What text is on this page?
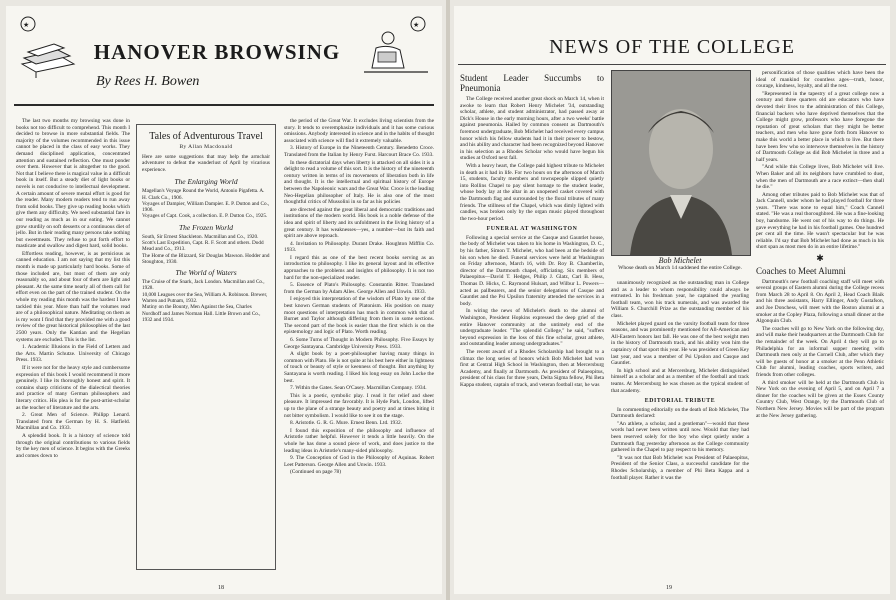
★	★
HANOVER BROWSING
By Rees H. Bowen

The last two months my browsing was done in books not too difficult to comprehend. This month I decided to browse in more substantial fields. The majority of the volumes recommended in this issue cannot be placed in the class of easy works. They demand disciplined application, concentrated attention and sustained reflection. One must ponder over them. However that is altogether to the good. Not that I believe there is magical value in a difficult book in itself. But a steady diet of light books or novels is not conducive to intellectual development. A certain amount of severe mental effort is good for the reader. Many modern readers tend to run away from solid books. They give up reading books which give them any difficulty. We need substantial fare in our reading as much as in our eating. We cannot grow sturdily on soft desserts or a continuous diet of jello. But in their reading many persons take nothing but sweetmeats. They refuse to put forth effort to masticate and swallow and digest hard, solid books.

Effortless reading, however, is as pernicious as canned education. I am not saying that my list this month is made up particularly hard books. Some of those included are, but most of them are only reasonably so, and about four of them are light and pleasant. At the same time nearly all of them call for effort even on the part of the trained student. On the whole my reading this month was the hardest I have tackled this year. More than half the volumes read are of a philosophical nature. Meditating on them as is my wont I find that they provided me with a good review of the great historical philosophies of the last 2500 years. Only the Kantian and the Hegelian systems are excluded. This is the list.

1. Academic Illusions in the Field of Letters and the Arts. Martin Schutze. University of Chicago Press. 1933.

If it were not for the heavy style and cumbersome expression of this book I would recommend it more genuinely. I like its thoroughly honest and spirit. It contains sharp criticisms of the dialectical theories and practice of many German philosophers and literary critics. His plea is for the post-artist-scholar as the teacher of literature and the arts.

2. Great Men of Science. Philipp Lenard. Translated from the German by H. S. Hatfield. Macmillan and Co. 1933.

A splendid book. It is a history of science told through the original contributions to various fields by the key men of science. It begins with the Greeks and comes down to

Tales of Adventurous Travel
By Allan Macdonald

Here are some suggestions that may help the armchair adventurer to defeat the wanderlust of April by vicarious experience.

The Enlarging World

Magellan's Voyage Round the World, Antonio Pigafetta. A. H. Clark Co., 1906.

Voyages of Dampier, William Dampier. E. P. Dutton and Co., 1906.

Voyages of Capt. Cook, a collection. E. P. Dutton Co., 1925.

The Frozen World

South, Sir Ernest Shackleton. Macmillan and Co., 1920.

Scott's Last Expedition, Capt. R. F. Scott and others. Dodd Mead and Co., 1913.

The Home of the Blizzard, Sir Douglas Mawson. Hodder and Stoughton, 1930.

The World of Waters

The Cruise of the Snark, Jack London. Macmillan and Co., 1928.

10,000 Leagues over the Sea, William A. Robinson. Brewer, Warren and Putnam, 1932.

Mutiny on the Bounty, Men Against the Sea, Charles Nordhoff and James Norman Hall. Little Brown and Co., 1932 and 1934.

the period of the Great War. It excludes living scientists from the story. It tends to overemphasize individuals and it has some curious omissions. Anybody interested in science and in the habits of thought associated with science will find it extremely valuable.

3. History of Europe in the Nineteenth Century. Benedetto Croce. Translated from the Italian by Henry Furst. Harcourt Brace Co. 1933.

In these dictatorial days when liberty is attacked on all sides it is a delight to read a volume of this sort. It is the history of the nineteenth century written in terms of its movements of liberation both in life and thought. It is the intellectual and spiritual history of Europe between the Napoleonic wars and the Great War. Croce is the leading Neo-Hegelian philosopher of Italy. He is also one of the most thoughtful critics of Mussolini in so far as his policies

are directed against the great liberal and democratic traditions and institutions of the modern world. His book is a noble defense of the idea and spirit of liberty and its unfoldment in the living history of a great century. It has weaknesses—yes, a number—but its faith and spirit are above reproach.

4. Invitation to Philosophy. Durant Drake. Houghton Mifflin Co. 1933.

I regard this as one of the best recent books serving as an introduction to philosophy. I like its general layout and its effective approaches to the problems and insights of philosophy. It is not too hard for the non-specialized reader.

5. Essence of Plato's Philosophy. Constantin Ritter. Translated from the German by Adam Alles. George Allen and Unwin. 1933.

I enjoyed this interpretation of the wisdom of Plato by one of the best known German students of Platonism. His position on many moot questions of interpretation has much in common with that of Burnet and Taylor although differing from them in some sections. The second part of the book is easier than the first which is on the epistemology and logic of Plato. Worth reading.

6. Some Turns of Thought in Modern Philosophy. Five Essays by George Santayana. Cambridge University Press. 1933.

A slight book by a poet-philosopher having many things in common with Plato. He is not quite at his best here either in lightness of touch or beauty of style or keenness of thought. But anything by Santayana is worth reading. I liked his long essay on John Locke the best.

7. Within the Gates. Sean O'Casey. Macmillan Company. 1934.

This is a poetic, symbolic play. I read it for relief and sheer pleasure. It impressed me favorably. It is Hyde Park, London, lifted up to the plane of a strange beauty and poetry and at times biting it not bitter symbolism. I would like to see it on the stage.

8. Aristotle. G. R. G. Mure. Ernest Benn. Ltd. 1932.

I found this exposition of the philosophy and influence of Aristotle rather helpful. However it tends a little heavily. On the whole he has done a sound piece of work, and does justice to the leading ideas in Aristotle's many-sided philosophy.

9. The Conception of God in the Philosophy of Aquinas. Robert Leet Patterson. George Allen and Unwin. 1933.

(Continued on page 78)

18
NEWS OF THE COLLEGE
Student Leader Succumbs to Pneumonia

The College received another great shock on March 14, when it awoke to learn that Robert Henry Michelet '34, outstanding scholar, athlete, and student administrator, had passed away at Dick's House in the early morning hours, after a two weeks' battle against pneumonia. Hailed by common consent as Dartmouth's foremost undergraduate, Bob Michelet had received every campus honor which his fellow students had it in their power to bestow, and his ability and character had been recognized beyond Hanover in his selection as a Rhodes Scholar who would have begun his studies at Oxford next fall.

With a heavy heart, the College paid highest tribute to Michelet in death as it had in life. For two hours on the afternoon of March 15, students, faculty members and townspeople slipped quietly into Rollins Chapel to pay silent homage to the student leader, whose body lay at the altar in an unopened casket covered with the Dartmouth flag and surrounded by the floral tributes of many friends. The stillness of the Chapel, which was dimly lighted with candles, was broken only by the organ music played throughout the two-hour period.

FUNERAL AT WASHINGTON

Following a special service at the Casque and Gauntlet house, the body of Michelet was taken to his home in Washington, D. C., by his father, Simon T. Michelet, who had been at the bedside of his son when he died. Funeral services were held at Washington on Friday afternoon, March 16, with Dr. Roy B. Chamberlin, director of the Dartmouth chapel, officiating. Six members of Palaeopitus—David T. Hedges, Philip J. Glatz, Carl B. Hess, Thomas D. Hicks, C. Raymond Hulsart, and Wilbur L. Powers—acted as pallbearers, and the senior delegations of Casque and Gauntlet and the Psi Upsilon fraternity attended the services in a body.

In wiring the news of Michelet's death to the alumni of Washington, President Hopkins expressed the deep grief of the entire Hanover community at the untimely end of the undergraduate leader. "The splendid College," he said, "suffers beyond expression in the loss of this fine scholar, great athlete, and outstanding leader among undergraduates."

The recent award of a Rhodes Scholarship had brought to a climax the long series of honors which Bob Michelet had won first at Central High School in Washington, then at Mercersburg Academy, and finally at Dartmouth. As president of Palaeopitus, president of his class for three years, Delta Sigma fellow, Phi Beta Kappa student, captain of track, and veteran football star, he was

Bob Michelet
Whose death on March 14 saddened the entire College.

unanimously recognized as the outstanding man in College and as a leader to whom responsibility could always be entrusted. In his freshman year, he captained the yearling football team, won his track numerals, and was awarded the William S. Churchill Prize as the outstanding member of his class.

Michelet played guard on the varsity football team for three seasons, and was prominently mentioned for All-American and All-Eastern honors last fall. He was one of the best weight men in the history of Dartmouth track, and his ability won him the captaincy of that sport this year. He was president of Green Key last year, and was a member of Psi Upsilon and Casque and Gauntlet.

In high school and at Mercersburg, Michelet distinguished himself as a scholar and as a member of the football and track teams. At Mercersburg he was chosen as the typical student of that academy.

EDITORIAL TRIBUTE

In commenting editorially on the death of Bob Michelet, The Dartmouth declared:

"An athlete, a scholar, and a gentleman"—would that these words had never been written until now. Would that they had been reserved solely for the boy who slept quietly under a Dartmouth flag yesterday afternoon as the College community gathered in the Chapel to pay respect to his memory.

"It was not that Bob Michelet was President of Palaeopitus, President of the Senior Class, a successful candidate for the Rhodes Scholarship, a member of Phi Beta Kappa and a football player. Rather it was the

personification of those qualities which have been the ideal of mankind for countless ages—truth, honor, courage, kindness, loyalty, and all the rest.

"Represented in the tapestry of a great college now a century and three quarters old are educators who have devoted their lives to the administration of this College, financial backers who have deprived themselves that the College might grow, professors who have foregone the reputation of great scholars that they might be better teachers, and men who have gone forth from Hanover to make this world a better place in which to live. But there have been few who so interwove themselves in the history of Dartmouth College as did Bob Michelet in three and a half years.

"And while this College lives, Bob Michelet will live. When Baker and all its neighbors have crumbled to dust, when the men of Dartmouth are a race extinct—then shall he die."

Among other tributes paid to Bob Michelet was that of Jack Cannell, under whom he had played football for three years. "There was none to equal him," Coach Cannell stated. "He was a real thoroughbred. He was a fine-looking boy, handsome. He went out of his way to do things. He gave everything he had in his football games. One hundred per cent all the time. He wasn't spectacular but he was reliable. I'd say that Bob Michelet had done as much in his short span as most men do in an entire lifetime."

✱
Coaches to Meet Alumni

Dartmouth's new football coaching staff will meet with several groups of Eastern alumni during the College recess from March 28 to April 8. On April 2, Head Coach Blaik and his three assistants, Harry Ellinger, Andy Gustafson, and Joe Donchess, will meet with the Boston alumni at a smoker at the Copley Plaza, following a small dinner at the Algonquin Club.

The coaches will go to New York on the following day, and will make their headquarters at the Dartmouth Club for the remainder of the week. On April 4 they will go to Philadelphia for an informal supper meeting with Dartmouth men only at the Cornell Club, after which they will be guests of honor at a smoker at the Penn Athletic Club for alumni, leading coaches, sports writers, and friends from other colleges.

A third smoker will be held at the Dartmouth Club in New York on the evening of April 5, and on April 7 a dinner for the coaches will be given at the Essex County Country Club, West Orange, by the Dartmouth Club of Northern New Jersey. Movies will be part of the program at the New Jersey gathering.

19
